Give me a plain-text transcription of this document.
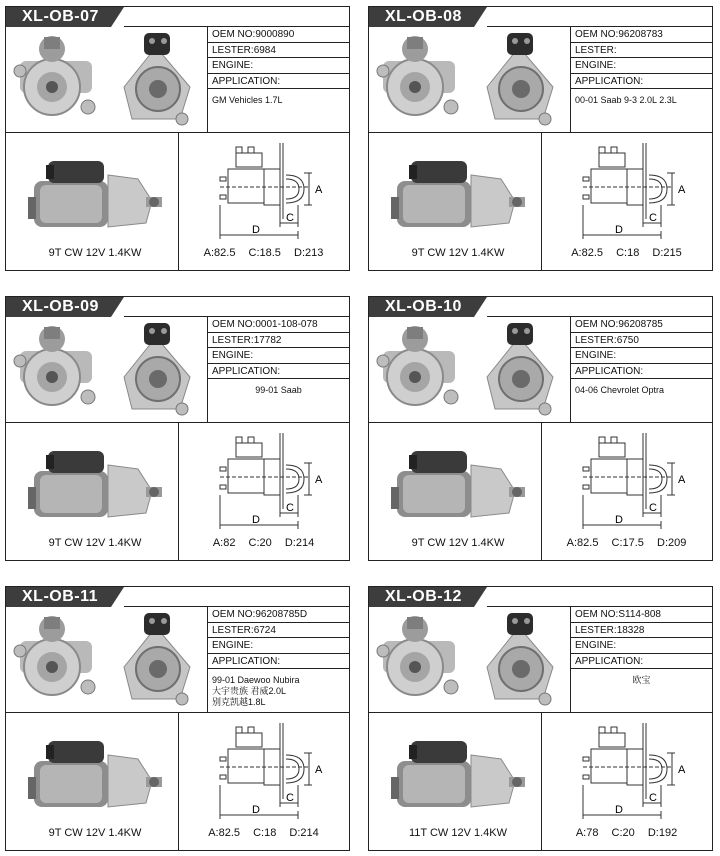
XL-OB-07
OEM NO:9000890
LESTER:6984
ENGINE:
APPLICATION:
GM Vehicles 1.7L
9T CW 12V 1.4KW
A
C
D
A:82.5 C:18.5 D:213
XL-OB-08
OEM NO:96208783
LESTER:
ENGINE:
APPLICATION:
00-01 Saab 9-3 2.0L 2.3L
9T CW 12V 1.4KW
A
C
D
A:82.5 C:18 D:215
XL-OB-09
OEM NO:0001-108-078
LESTER:17782
ENGINE:
APPLICATION:
99-01 Saab
9T CW 12V 1.4KW
A
C
D
A:82 C:20 D:214
XL-OB-10
OEM NO:96208785
LESTER:6750
ENGINE:
APPLICATION:
04-06 Chevrolet Optra
9T CW 12V 1.4KW
A
C
D
A:82.5 C:17.5 D:209
XL-OB-11
OEM NO:96208785D
LESTER:6724
ENGINE:
APPLICATION:
99-01 Daewoo Nubira
大宇贵族 君威2.0L
别克凯越1.8L
9T CW 12V 1.4KW
A
C
D
A:82.5 C:18 D:214
XL-OB-12
OEM NO:S114-808
LESTER:18328
ENGINE:
APPLICATION:
欧宝
11T CW 12V 1.4KW
A
C
D
A:78 C:20 D:192
